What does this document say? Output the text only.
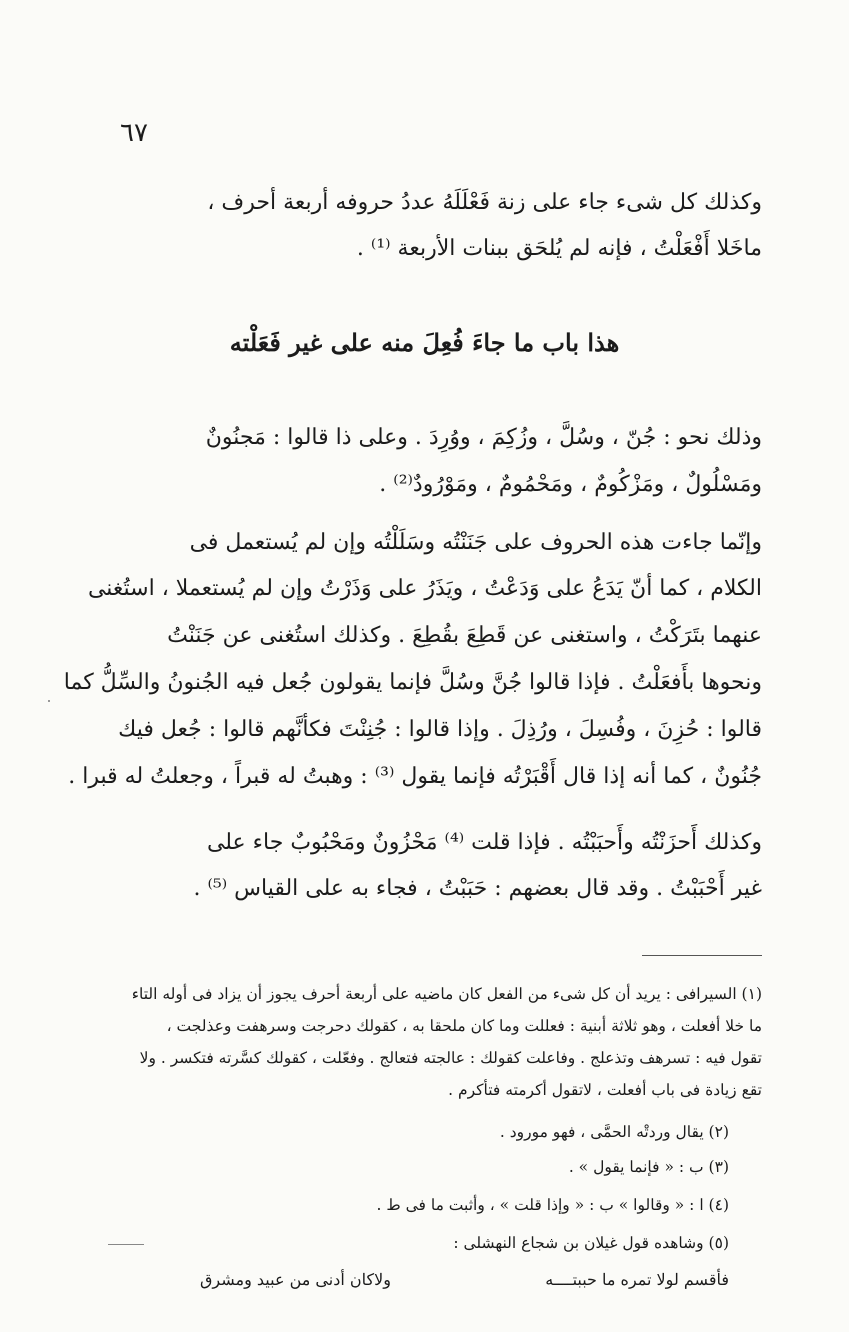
٦٧
وكذلك كل شىء جاء على زنة فَعْلَلَهُ عددُ حروفه أربعة أحرف ،
ماخَلا أَفْعَلْتُ ، فإنه لم يُلحَق ببنات الأربعة ⁽¹⁾ .
هذا باب ما جاءَ فُعِلَ منه على غير فَعَلْته
وذلك نحو : جُنّ ، وسُلَّ ، وزُكِمَ ، ووُرِدَ . وعلى ذا قالوا : مَجنُونٌ
ومَسْلُولٌ ، ومَزْكُومٌ ، ومَحْمُومٌ ، ومَوْرُودٌ⁽²⁾ .
وإنّما جاءت هذه الحروف على جَنَنْتُه وسَلَلْتُه وإن لم يُستعمل فى
الكلام ، كما أنّ يَدَعُ على وَدَعْتُ ، ويَذَرُ على وَذَرْتُ وإن لم يُستعملا ، استُغنى
عنهما بتَرَكْتُ ، واستغنى عن قَطِعَ بقُطِعَ . وكذلك استُغنى عن جَنَنْتُ
ونحوها بأَفعَلْتُ . فإذا قالوا جُنَّ وسُلَّ فإنما يقولون جُعل فيه الجُنونُ والسِّلُّ كما
قالوا : حُزِنَ ، وفُسِلَ ، ورُذِلَ . وإذا قالوا : جُنِنْتَ فكأنَّهم قالوا : جُعل فيك
جُنُونٌ ، كما أنه إذا قال أَقْبَرْتُه فإنما يقول ⁽³⁾ : وهبتُ له قبراً ، وجعلتُ له قبرا .
وكذلك أَحزَنْتُه وأَحبَبْتُه . فإذا قلت ⁽⁴⁾ مَحْزُونٌ ومَحْبُوبٌ جاء على
غير أَحْبَبْتُ . وقد قال بعضهم : حَبَبْتُ ، فجاء به على القياس ⁽⁵⁾ .
(١) السيرافى : يريد أن كل شىء من الفعل كان ماضيه على أربعة أحرف يجوز أن يزاد فى أوله التاء
ما خلا أفعلت ، وهو ثلاثة أبنية : فعللت وما كان ملحقا به ، كقولك دحرجت وسرهفت وعذلجت ،
تقول فيه : تسرهف وتذعلج . وفاعلت كقولك : عالجته فتعالج . وفعّلت ، كقولك كسَّرته فتكسر . ولا
تقع زيادة فى باب أفعلت ، لاتقول أكرمته فتأكرم .
(٢) يقال وردتْه الحمَّى ، فهو مورود .
(٣) ب : « فإنما يقول » .
(٤) ا : « وقالوا » ب : « وإذا قلت » ، وأثبت ما فى ط .
(٥) وشاهده قول غيلان بن شجاع النهشلى :
فأقسم لولا تمره ما حببتــــه
ولاكان أدنى من عبيد ومشرق
